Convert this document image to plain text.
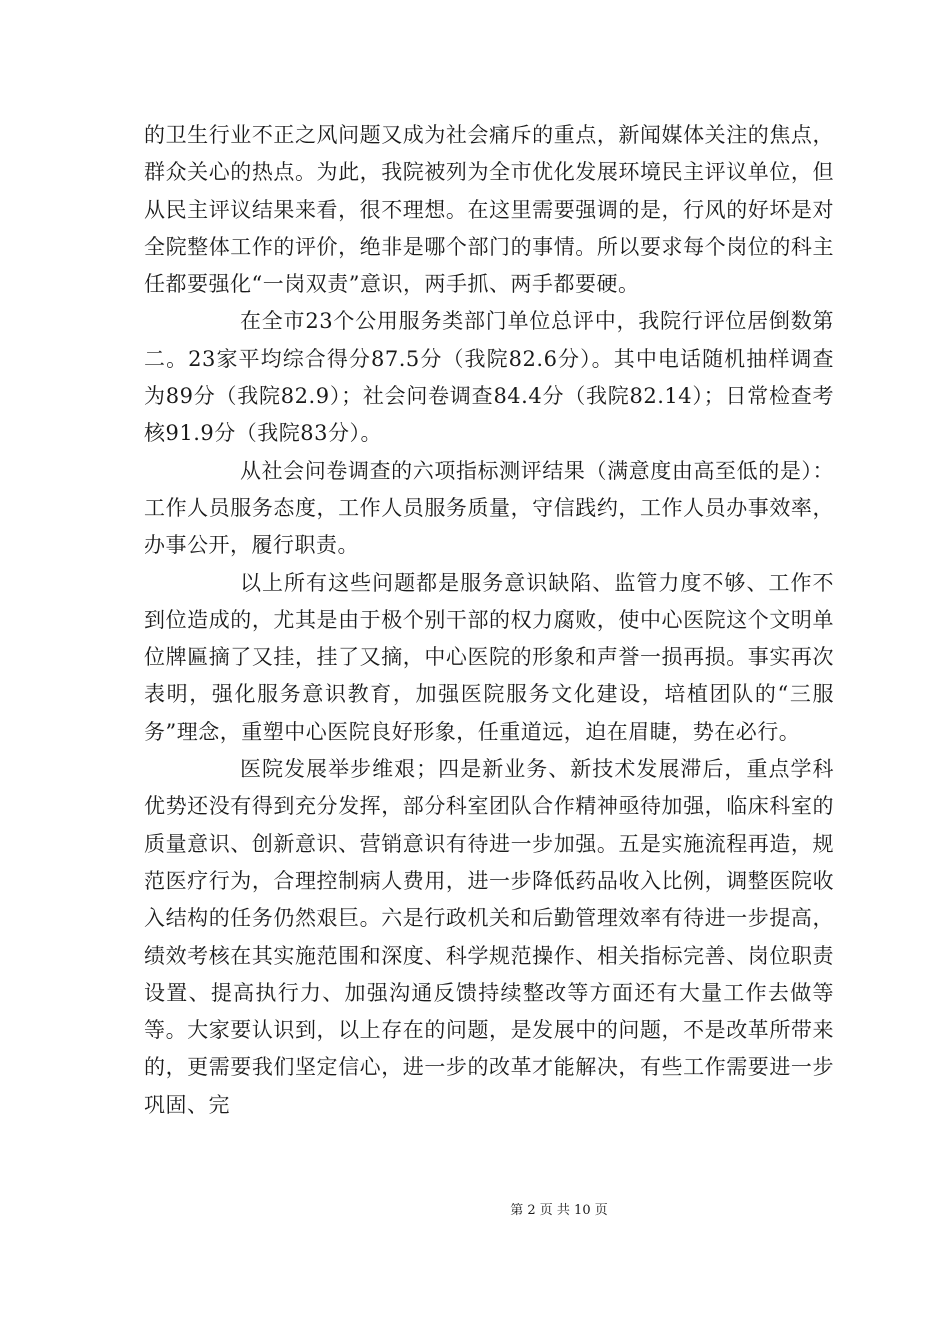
的卫生行业不正之风问题又成为社会痛斥的重点，新闻媒体关注的焦点，群众关心的热点。为此，我院被列为全市优化发展环境民主评议单位，但从民主评议结果来看，很不理想。在这里需要强调的是，行风的好坏是对全院整体工作的评价，绝非是哪个部门的事情。所以要求每个岗位的科主任都要强化“一岗双责”意识，两手抓、两手都要硬。

在全市23个公用服务类部门单位总评中，我院行评位居倒数第二。23家平均综合得分87.5分（我院82.6分）。其中电话随机抽样调查为89分（我院82.9）；社会问卷调查84.4分（我院82.14）；日常检查考核91.9分（我院83分）。

从社会问卷调查的六项指标测评结果（满意度由高至低的是）：工作人员服务态度，工作人员服务质量，守信践约，工作人员办事效率，办事公开，履行职责。

以上所有这些问题都是服务意识缺陷、监管力度不够、工作不到位造成的，尤其是由于极个别干部的权力腐败，使中心医院这个文明单位牌匾摘了又挂，挂了又摘，中心医院的形象和声誉一损再损。事实再次表明，强化服务意识教育，加强医院服务文化建设，培植团队的“三服务”理念，重塑中心医院良好形象，任重道远，迫在眉睫，势在必行。

医院发展举步维艰；四是新业务、新技术发展滞后，重点学科优势还没有得到充分发挥，部分科室团队合作精神亟待加强，临床科室的质量意识、创新意识、营销意识有待进一步加强。五是实施流程再造，规范医疗行为，合理控制病人费用，进一步降低药品收入比例，调整医院收入结构的任务仍然艰巨。六是行政机关和后勤管理效率有待进一步提高，绩效考核在其实施范围和深度、科学规范操作、相关指标完善、岗位职责设置、提高执行力、加强沟通反馈持续整改等方面还有大量工作去做等等。大家要认识到，以上存在的问题，是发展中的问题，不是改革所带来的，更需要我们坚定信心，进一步的改革才能解决，有些工作需要进一步巩固、完

第 2 页 共 10 页
